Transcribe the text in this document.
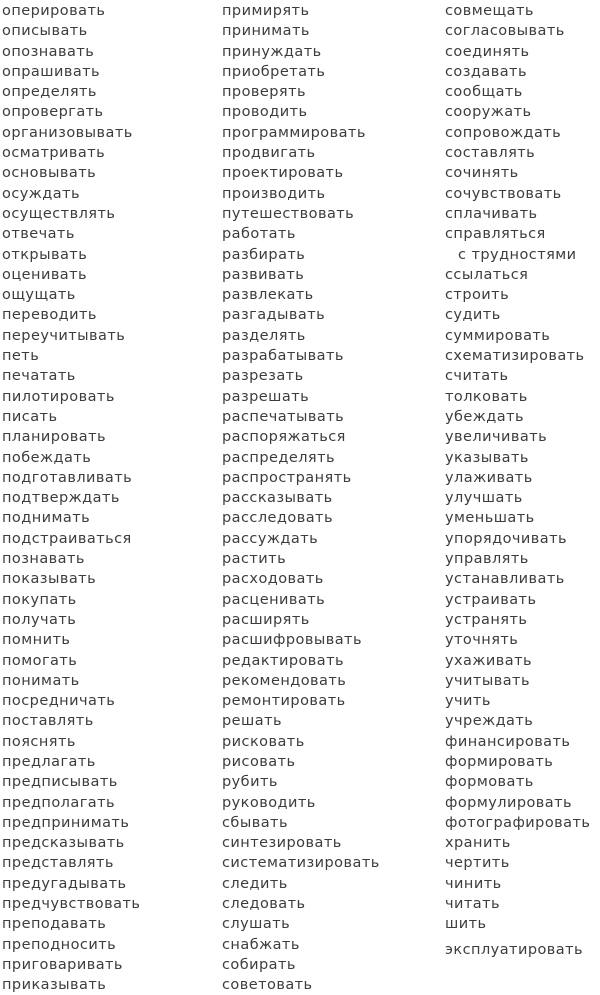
оперировать
описывать
опознавать
опрашивать
определять
опровергать
организовывать
осматривать
основывать
осуждать
осуществлять
отвечать
открывать
оценивать
ощущать
переводить
переучитывать
петь
печатать
пилотировать
писать
планировать
побеждать
подготавливать
подтверждать
поднимать
подстраиваться
познавать
показывать
покупать
получать
помнить
помогать
понимать
посредничать
поставлять
пояснять
предлагать
предписывать
предполагать
предпринимать
предсказывать
представлять
предугадывать
предчувствовать
преподавать
преподносить
приговаривать
приказывать
примирять
принимать
принуждать
приобретать
проверять
проводить
программировать
продвигать
проектировать
производить
путешествовать
работать
разбирать
развивать
развлекать
разгадывать
разделять
разрабатывать
разрезать
разрешать
распечатывать
распоряжаться
распределять
распространять
рассказывать
расследовать
рассуждать
растить
расходовать
расценивать
расширять
расшифровывать
редактировать
рекомендовать
ремонтировать
решать
рисковать
рисовать
рубить
руководить
сбывать
синтезировать
систематизировать
следить
следовать
слушать
снабжать
собирать
советовать
совмещать
согласовывать
соединять
создавать
сообщать
сооружать
сопровождать
составлять
сочинять
сочувствовать
сплачивать
справляться
с трудностями
ссылаться
строить
судить
суммировать
схематизировать
считать
толковать
убеждать
увеличивать
указывать
улаживать
улучшать
уменьшать
упорядочивать
управлять
устанавливать
устраивать
устранять
уточнять
ухаживать
учитывать
учить
учреждать
финансировать
формировать
формовать
формулировать
фотографировать
хранить
чертить
чинить
читать
шить
эксплуатировать
